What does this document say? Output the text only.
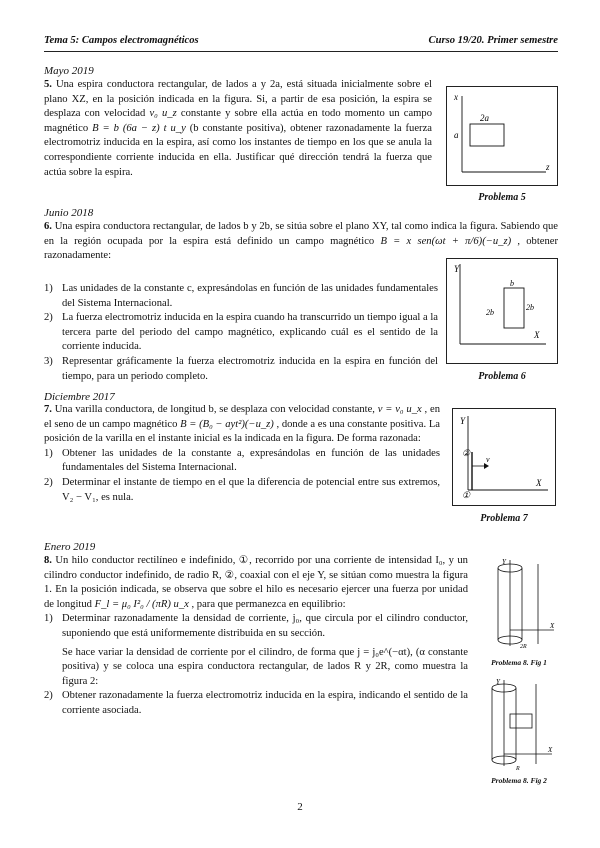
Tema 5: Campos electromagnéticos	Curso 19/20. Primer semestre
Mayo 2019

5. Una espira conductora rectangular, de lados a y 2a, está situada inicialmente sobre el plano XZ, en la posición indicada en la figura. Si, a partir de esa posición, la espira se desplaza con velocidad v₀ u_z constante y sobre ella actúa en todo momento un campo magnético B = b (6a − z) t u_y (b constante positiva), obtener razonadamente la fuerza electromotriz inducida en la espira, así como los instantes de tiempo en los que se anula la correspondiente corriente inducida en ella. Justificar qué dirección tendrá la fuerza que actúa sobre la espira.

x
z
a
2a
Problema 5
Junio 2018

6. Una espira conductora rectangular, de lados b y 2b, se sitúa sobre el plano XY, tal como indica la figura. Sabiendo que en la región ocupada por la espira está definido un campo magnético B = x sen(ωt + π/6)(−u_z) , obtener razonadamente:

1) Las unidades de la constante c, expresándolas en función de las unidades fundamentales del Sistema Internacional.
2) La fuerza electromotriz inducida en la espira cuando ha transcurrido un tiempo igual a la tercera parte del periodo del campo magnético, explicando cuál es el sentido de la corriente inducida.
3) Representar gráficamente la fuerza electromotriz inducida en la espira en función del tiempo, para un periodo completo.
Y
X
b
2b
2b
Problema 6
Diciembre 2017

7. Una varilla conductora, de longitud b, se desplaza con velocidad constante, v = v₀ u_x , en el seno de un campo magnético B = (B₀ − ayt²)(−u_z) , donde a es una constante positiva. La posición de la varilla en el instante inicial es la indicada en la figura. De forma razonada:

1) Obtener las unidades de la constante a, expresándolas en función de las unidades fundamentales del Sistema Internacional.
2) Determinar el instante de tiempo en el que la diferencia de potencial entre sus extremos, V₂ − V₁, es nula.
Y
X
v
②
①
Problema 7
Enero 2019

8. Un hilo conductor rectilíneo e indefinido, ①, recorrido por una corriente de intensidad I₀, y un cilindro conductor indefinido, de radio R, ②, coaxial con el eje Y, se sitúan como muestra la figura 1. En la posición indicada, se observa que sobre el hilo es necesario ejercer una fuerza por unidad de longitud F_l = μ₀ I²₀ / (πR) u_x , para que permanezca en equilibrio:

1) Determinar razonadamente la densidad de corriente, j₀, que circula por el cilindro conductor, suponiendo que está uniformemente distribuida en su sección.

Se hace variar la densidad de corriente por el cilindro, de forma que j = j₀e^(−αt), (α constante positiva) y se coloca una espira conductora rectangular, de lados R y 2R, como muestra la figura 2:

2) Obtener razonadamente la fuerza electromotriz inducida en la espira, indicando el sentido de la corriente asociada.
Y
X
2R
Problema 8. Fig 1
Y
X
R
Problema 8. Fig 2
2
